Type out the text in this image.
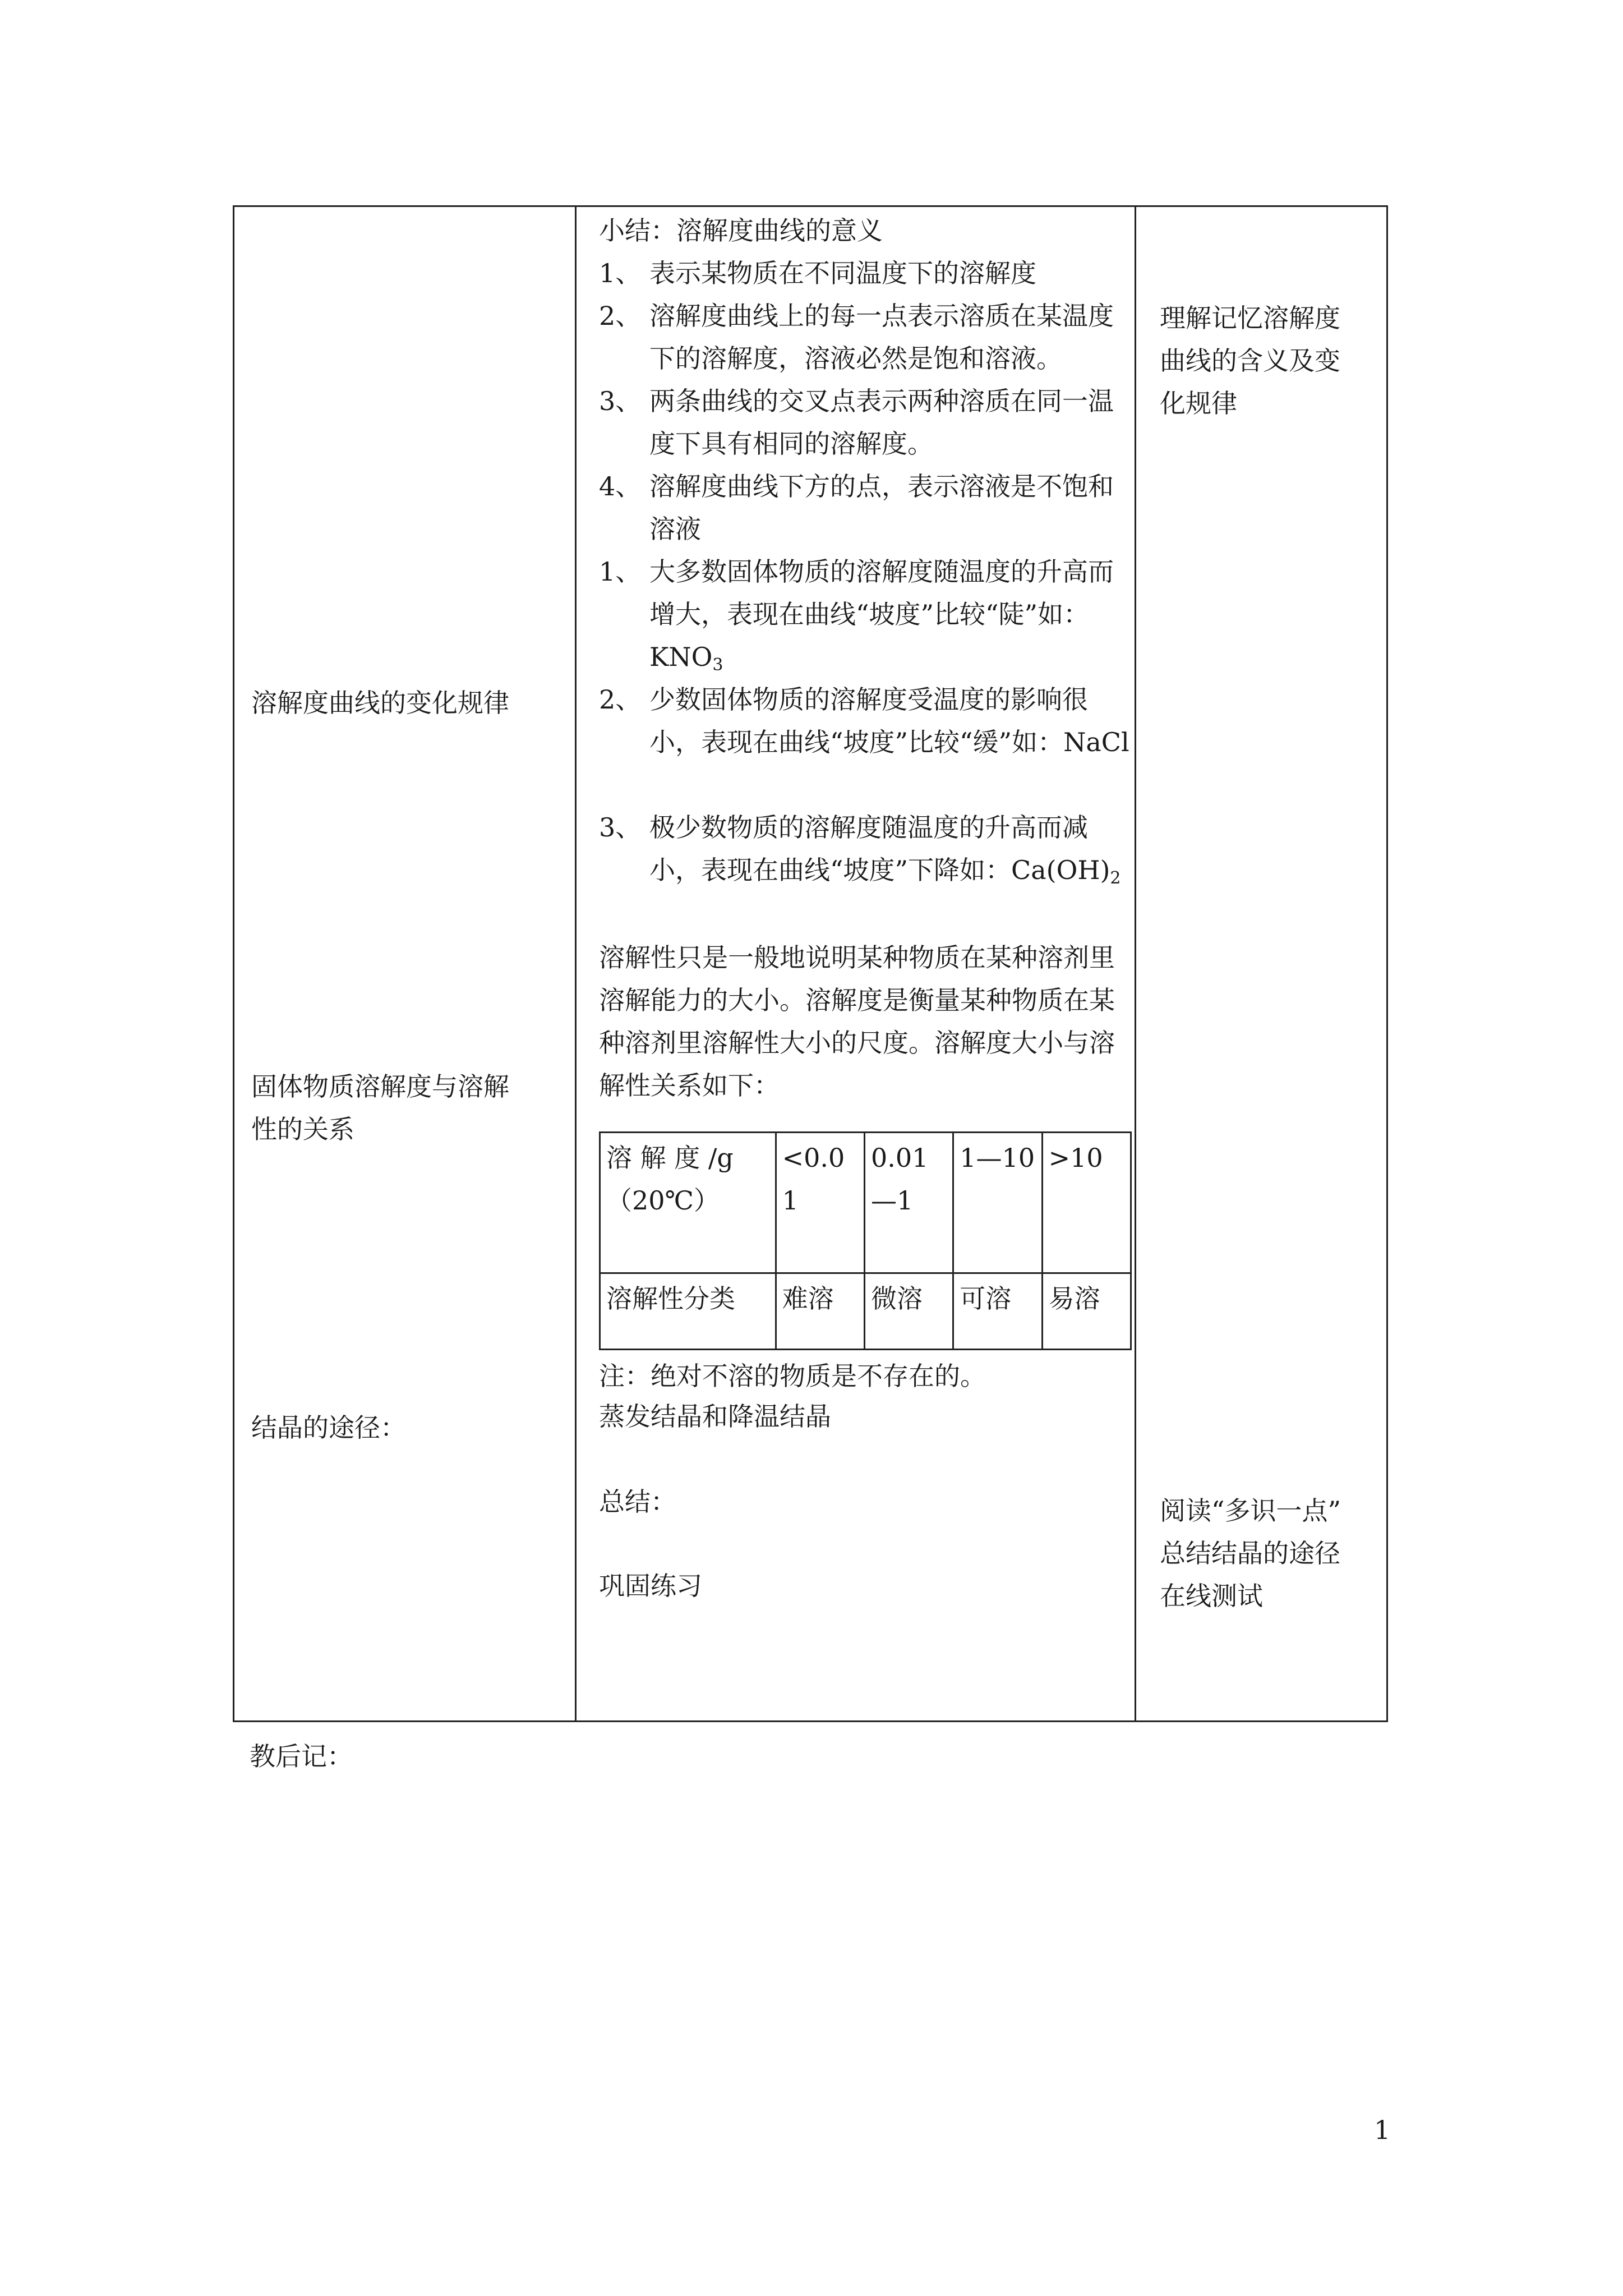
溶解度曲线的变化规律
固体物质溶解度与溶解
性的关系
结晶的途径：
小结：溶解度曲线的意义
1、 表示某物质在不同温度下的溶解度
2、 溶解度曲线上的每一点表示溶质在某温度下的溶解度，溶液必然是饱和溶液。
3、 两条曲线的交叉点表示两种溶质在同一温度下具有相同的溶解度。
4、 溶解度曲线下方的点，表示溶液是不饱和溶液
1、 大多数固体物质的溶解度随温度的升高而增大，表现在曲线“坡度”比较“陡”如：$KNO_3$
2、 少数固体物质的溶解度受温度的影响很小，表现在曲线“坡度”比较“缓”如：NaCl
3、 极少数物质的溶解度随温度的升高而减小，表现在曲线“坡度”下降如：$Ca(OH)_2$
溶解性只是一般地说明某种物质在某种溶剂里溶解能力的大小。溶解度是衡量某种物质在某种溶剂里溶解性大小的尺度。溶解度大小与溶解性关系如下：
溶 解 度 /g（20℃）	<0.01	0.01—1	1—10	>10
溶解性分类	难溶	微溶	可溶	易溶
注：绝对不溶的物质是不存在的。
蒸发结晶和降温结晶
总结：
巩固练习
理解记忆溶解度
曲线的含义及变
化规律
阅读“多识一点”
总结结晶的途径
在线测试
教后记：
1
